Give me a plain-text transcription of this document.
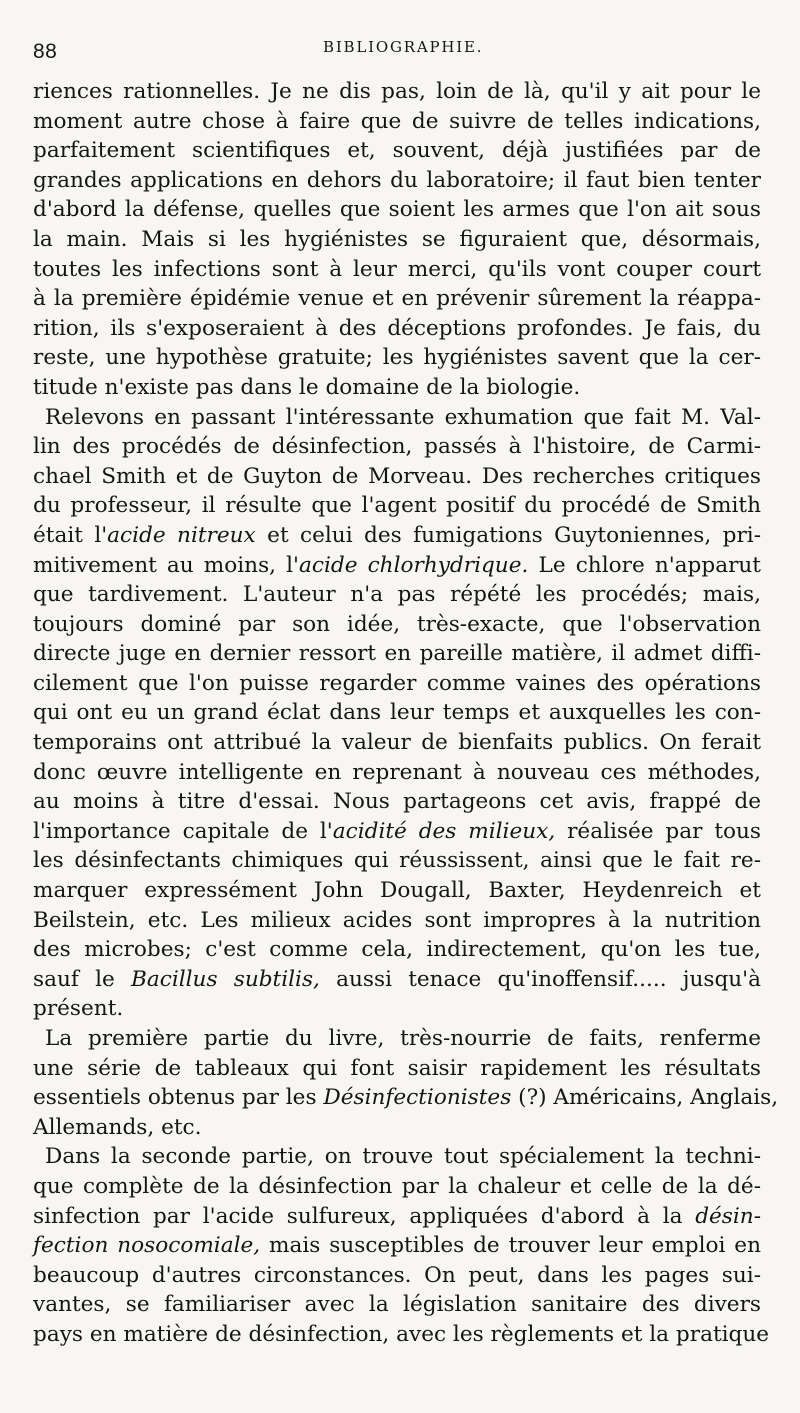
88	BIBLIOGRAPHIE.
riences rationnelles. Je ne dis pas, loin de là, qu'il y ait pour le
moment autre chose à faire que de suivre de telles indications,
parfaitement scientifiques et, souvent, déjà justifiées par de
grandes applications en dehors du laboratoire; il faut bien tenter
d'abord la défense, quelles que soient les armes que l'on ait sous
la main. Mais si les hygiénistes se figuraient que, désormais,
toutes les infections sont à leur merci, qu'ils vont couper court
à la première épidémie venue et en prévenir sûrement la réappa-
rition, ils s'exposeraient à des déceptions profondes. Je fais, du
reste, une hypothèse gratuite; les hygiénistes savent que la cer-
titude n'existe pas dans le domaine de la biologie.
Relevons en passant l'intéressante exhumation que fait M. Val-
lin des procédés de désinfection, passés à l'histoire, de Carmi-
chael Smith et de Guyton de Morveau. Des recherches critiques
du professeur, il résulte que l'agent positif du procédé de Smith
était l'acide nitreux et celui des fumigations Guytoniennes, pri-
mitivement au moins, l'acide chlorhydrique. Le chlore n'apparut
que tardivement. L'auteur n'a pas répété les procédés; mais,
toujours dominé par son idée, très-exacte, que l'observation
directe juge en dernier ressort en pareille matière, il admet diffi-
cilement que l'on puisse regarder comme vaines des opérations
qui ont eu un grand éclat dans leur temps et auxquelles les con-
temporains ont attribué la valeur de bienfaits publics. On ferait
donc œuvre intelligente en reprenant à nouveau ces méthodes,
au moins à titre d'essai. Nous partageons cet avis, frappé de
l'importance capitale de l'acidité des milieux, réalisée par tous
les désinfectants chimiques qui réussissent, ainsi que le fait re-
marquer expressément John Dougall, Baxter, Heydenreich et
Beilstein, etc. Les milieux acides sont impropres à la nutrition
des microbes; c'est comme cela, indirectement, qu'on les tue,
sauf le Bacillus subtilis, aussi tenace qu'inoffensif..... jusqu'à
présent.
La première partie du livre, très-nourrie de faits, renferme
une série de tableaux qui font saisir rapidement les résultats
essentiels obtenus par les Désinfectionistes (?) Américains, Anglais,
Allemands, etc.
Dans la seconde partie, on trouve tout spécialement la techni-
que complète de la désinfection par la chaleur et celle de la dé-
sinfection par l'acide sulfureux, appliquées d'abord à la désin-
fection nosocomiale, mais susceptibles de trouver leur emploi en
beaucoup d'autres circonstances. On peut, dans les pages sui-
vantes, se familiariser avec la législation sanitaire des divers
pays en matière de désinfection, avec les règlements et la pratique
